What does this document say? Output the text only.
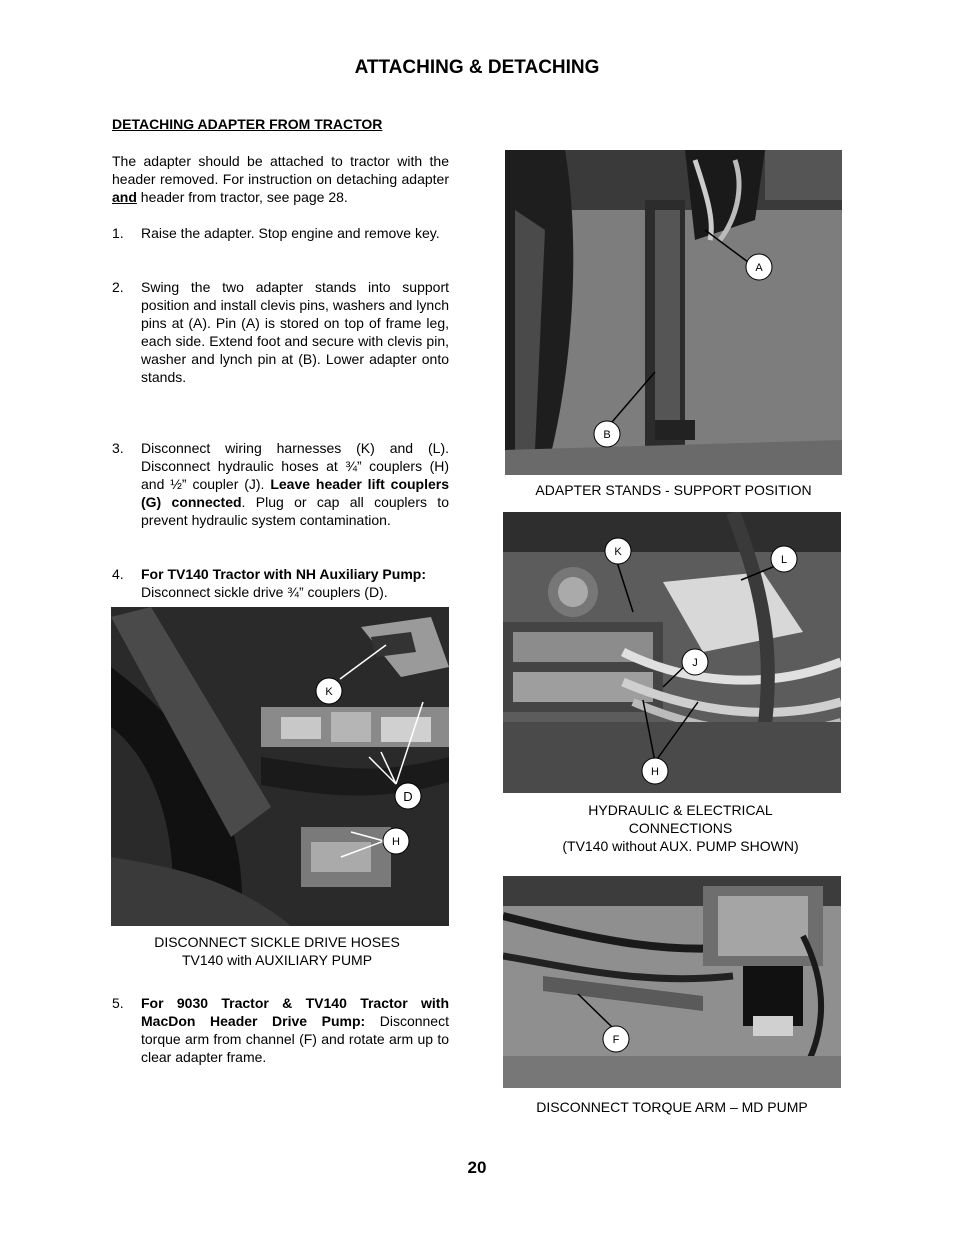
ATTACHING & DETACHING
DETACHING ADAPTER FROM TRACTOR
The adapter should be attached to tractor with the header removed. For instruction on detaching adapter and header from tractor, see page 28.
1. Raise the adapter. Stop engine and remove key.
2. Swing the two adapter stands into support position and install clevis pins, washers and lynch pins at (A). Pin (A) is stored on top of frame leg, each side. Extend foot and secure with clevis pin, washer and lynch pin at (B). Lower adapter onto stands.
3. Disconnect wiring harnesses (K) and (L). Disconnect hydraulic hoses at ¾” couplers (H) and ½” coupler (J). Leave header lift couplers (G) connected. Plug or cap all couplers to prevent hydraulic system contamination.
4. For TV140 Tractor with NH Auxiliary Pump:
Disconnect sickle drive ¾” couplers (D).
K
D
H
DISCONNECT SICKLE DRIVE HOSES
TV140 with AUXILIARY PUMP
5. For 9030 Tractor & TV140 Tractor with MacDon Header Drive Pump: Disconnect torque arm from channel (F) and rotate arm up to clear adapter frame.
A
B
ADAPTER STANDS - SUPPORT POSITION
K
L
J
H
HYDRAULIC & ELECTRICAL
CONNECTIONS
(TV140 without AUX. PUMP SHOWN)
F
DISCONNECT TORQUE ARM – MD PUMP
20
